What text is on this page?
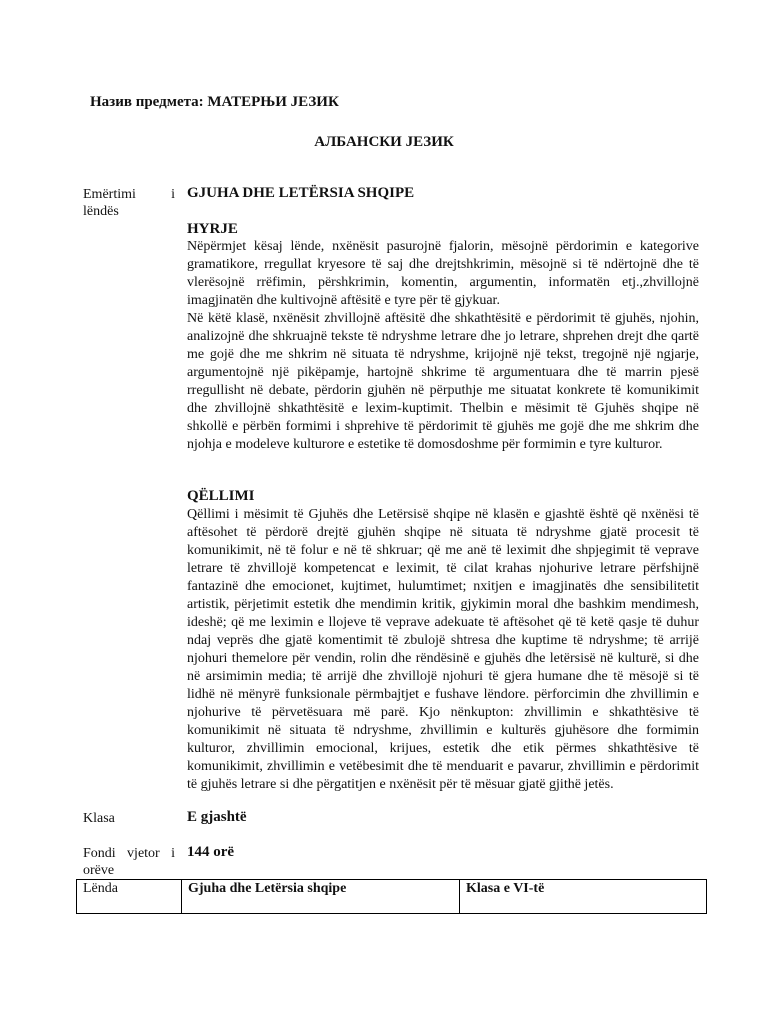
Назив предмета: МАТЕРЊИ ЈЕЗИК
АЛБАНСКИ ЈЕЗИК
Emërtimi i lëndës
GJUHA DHE LETËRSIA SHQIPE
HYRJE

Nëpërmjet kësaj lënde, nxënësit pasurojnë fjalorin, mësojnë përdorimin e kategorive gramatikore, rregullat kryesore të saj dhe drejtshkrimin, mësojnë si të ndërtojnë dhe të vlerësojnë rrëfimin, përshkrimin, komentin, argumentin, informatën etj.,zhvillojnë imagjinatën dhe kultivojnë aftësitë e tyre për të gjykuar.

Në këtë klasë, nxënësit zhvillojnë aftësitë dhe shkathtësitë e përdorimit të gjuhës, njohin, analizojnë dhe shkruajnë tekste të ndryshme letrare dhe jo letrare, shprehen drejt dhe qartë me gojë dhe me shkrim në situata të ndryshme, krijojnë një tekst, tregojnë një ngjarje, argumentojnë një pikëpamje, hartojnë shkrime të argumentuara dhe të marrin pjesë rregullisht në debate, përdorin gjuhën në përputhje me situatat konkrete të komunikimit dhe zhvillojnë shkathtësitë e lexim-kuptimit. Thelbin e mësimit të Gjuhës shqipe në shkollë e përbën formimi i shprehive të përdorimit të gjuhës me gojë dhe me shkrim dhe njohja e modeleve kulturore e estetike të domosdoshme për formimin e tyre kulturor.

QËLLIMI
Qëllimi i mësimit të Gjuhës dhe Letërsisë shqipe në klasën e gjashtë është që nxënësi të aftësohet të përdorë drejtë gjuhën shqipe në situata të ndryshme gjatë procesit të komunikimit, në të folur e në të shkruar; që me anë të leximit dhe shpjegimit të veprave letrare të zhvillojë kompetencat e leximit, të cilat krahas njohurive letrare përfshijnë fantazinë dhe emocionet, kujtimet, hulumtimet; nxitjen e imagjinatës dhe sensibilitetit artistik, përjetimit estetik dhe mendimin kritik, gjykimin moral dhe bashkim mendimesh, ideshë; që me leximin e llojeve të veprave adekuate të aftësohet që të ketë qasje të duhur ndaj veprës dhe gjatë komentimit të zbulojë shtresa dhe kuptime të ndryshme; të arrijë njohuri themelore për vendin, rolin dhe rëndësinë e gjuhës dhe letërsisë në kulturë, si dhe në arsimimin media; të arrijë dhe zhvillojë njohuri të gjera humane dhe të mësojë si të lidhë në mënyrë funksionale përmbajtjet e fushave lëndore. përforcimin dhe zhvillimin e njohurive të përvetësuara më parë. Kjo nënkupton: zhvillimin e shkathtësive të komunikimit në situata të ndryshme, zhvillimin e kulturës gjuhësore dhe formimin kulturor, zhvillimin emocional, krijues, estetik dhe etik përmes shkathtësive të komunikimit, zhvillimin e vetëbesimit dhe të menduarit e pavarur, zhvillimin e përdorimit të gjuhës letrare si dhe përgatitjen e nxënësit për të mësuar gjatë gjithë jetës.
Klasa	E gjashtë
Fondi vjetor i orëve
144 orë
Lënda	Gjuha dhe Letërsia shqipe	Klasa e VI-të
